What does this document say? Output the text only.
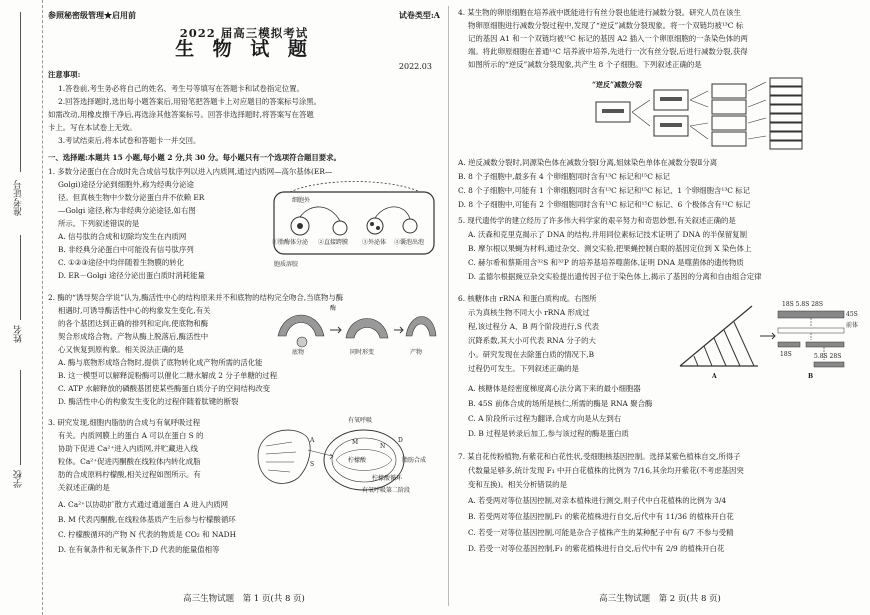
准考证号
姓名
学校
参照秘密级管理★启用前	试卷类型:A
2022 届高三模拟考试
生 物 试 题
2022.03
注意事项:
1.答卷前,考生务必将自己的姓名、考生号等填写在答题卡和试卷指定位置。
2.回答选择题时,选出每小题答案后,用铅笔把答题卡上对应题目的答案标号涂黑。
如需改动,用橡皮擦干净后,再选涂其他答案标号。回答非选择题时,将答案写在答题
卡上。写在本试卷上无效。
3.考试结束后,将本试卷和答题卡一并交回。
一、选择题:本题共 15 小题,每小题 2 分,共 30 分。每小题只有一个选项符合题目要求。
1. 多数分泌蛋白在合成时先合成信号肽序列以进入内质网,通过内质网—高尔基体(ER—
Golgi)途径分泌到细胞外,称为经典分泌途
径。但真核生物中少数分泌蛋白并不依赖 ER
—Golgi 途径,称为非经典分泌途径,如右图
所示。下列叙述错误的是
A. 信号肽的合成和切除均发生在内质网
B. 非经典分泌蛋白中可能没有信号肽序列
C. ①②③途径中均伴随着生物膜的转化
D. ER－Golgi 途径分泌出蛋白质时消耗能量
细胞外
①脂酶体分泌 ②直接跨膜 ③外泌体 ④囊泡出泡
胞质溶胶
2. 酶的“诱导契合学说”认为,酶活性中心的结构原来并不和底物的结构完全吻合,当底物与酶
相遇时,可诱导酶活性中心的构象发生变化,有关
的各个基团达到正确的排列和定向,使底物和酶
契合形成络合物。产物从酶上脱落后,酶活性中
心又恢复到原构象。相关说法正确的是
A. 酶与底物形成络合物时,提供了底物转化成产物所需的活化能
B. 这一模型可以解释淀粉酶可以催化二糖水解成 2 分子单糖的过程
C. ATP 水解释放的磷酸基团使某些酶蛋白质分子的空间结构改变
D. 酶活性中心的构象发生变化的过程伴随着肽键的断裂
酶
底物	同时形变	产物
3. 研究发现,细胞内脂肪的合成与有氧呼吸过程
有关。内质网膜上的蛋白 A 可以在蛋白 S 的
协助下促进 Ca²⁺进入内质网,并贮藏进入线
粒体。Ca²⁺促进丙酮酸在线粒体内转化成脂
肪的合成原料柠檬酸,相关过程如图所示。有
关叙述正确的是
A. Ca²⁺以协助扩散方式通过通道蛋白 A 进入内质网
B. M 代表丙酮酸,在线粒体基质产生后参与柠檬酸循环
C. 柠檬酸循环的产物 N 代表的物质是 CO₂ 和 NADH
D. 在有氧条件和无氧条件下,D 代表的能量值相等
有氧呼吸
A
S
M
N
D
柠檬酸	脂肪合成
柠檬酸循环
有氧呼吸第二阶段
高三生物试题　第 1 页(共 8 页)
4. 某生物的卵原细胞在培养液中既能进行有丝分裂也能进行减数分裂。研究人员在该生
物卵原细胞进行减数分裂过程中,发现了“逆反”减数分裂现象。将一个双链均被¹³C 标
记的基因 A1 和一个双链均被¹⁵C 标记的基因 A2 插入一个卵原细胞的一条染色体的两
端。将此卵原细胞在普通¹²C 培养液中培养,先进行一次有丝分裂,后进行减数分裂,获得
如图所示的“逆反”减数分裂现象,共产生 8 个子细胞。下列叙述正确的是
“逆反”减数分裂
A. 逆反减数分裂时,同源染色体在减数分裂Ⅰ分离,姐妹染色单体在减数分裂Ⅱ分离
B. 8 个子细胞中,最多有 4 个卵细胞同时含有¹³C 标记和¹⁵C 标记
C. 8 个子细胞中,可能有 1 个卵细胞同时含有¹³C 标记和¹⁵C 标记、1 个卵细胞含¹³C 标记
D. 8 个子细胞中,可能有 2 个卵细胞同时含有¹³C 标记和¹⁵C 标记、6 个极体含有¹²C 标记
5. 现代遗传学的建立经历了许多伟大科学家的艰辛努力和奇思妙想,有关叙述正确的是
A. 沃森和克里克揭示了 DNA 的结构,并用同位素标记技术证明了 DNA 的半保留复制
B. 摩尔根以果蝇为材料,通过杂交、测交实验,把果蝇控制白眼的基因定位到 X 染色体上
C. 赫尔希和蔡斯用含³²S 和³²P 的培养基培养噬菌体,证明 DNA 是噬菌体的遗传物质
D. 孟德尔根据豌豆杂交实验提出遗传因子位于染色体上,揭示了基因的分离和自由组合定律
6. 核糖体由 rRNA 和蛋白质构成。右图所
示为真核生物不同大小 rRNA 形成过
程,该过程分 A、B 两个阶段进行,S 代表
沉降系数,其大小可代表 RNA 分子的大
小。研究发现在去除蛋白质的情况下,B
过程仍可发生。下列叙述正确的是
A. 核糖体是经密度梯度离心法分离下来的最小细胞器
B. 45S 前体合成的场所是核仁,所需的酶是 RNA 聚合酶
C. A 阶段所示过程为翻译,合成方向是从左到右
D. B 过程是转录后加工,参与该过程的酶是蛋白质
18S 5.8S 28S
45S前体
18S	5.8S 28S
A	B
7. 某自花传粉植物,有紫花和白花性状,受细胞核基因控制。选择某紫色植株自交,所得子
代数量足够多,统计发现 F₁ 中开白花植株的比例为 7/16,其余均开紫花(不考虑基因突
变和互换)。相关分析错误的是
A. 若受两对等位基因控制,对亲本植株进行测交,则子代中白花植株的比例为 3/4
B. 若受两对等位基因控制,F₁ 的紫花植株进行自交,后代中有 11/36 的植株开白花
C. 若受一对等位基因控制,可能是杂合子植株产生的某种配子中有 6/7 不参与受精
D. 若受一对等位基因控制,F₁ 的紫花植株进行自交,后代中有 2/9 的植株开白花
高三生物试题　第 2 页(共 8 页)
